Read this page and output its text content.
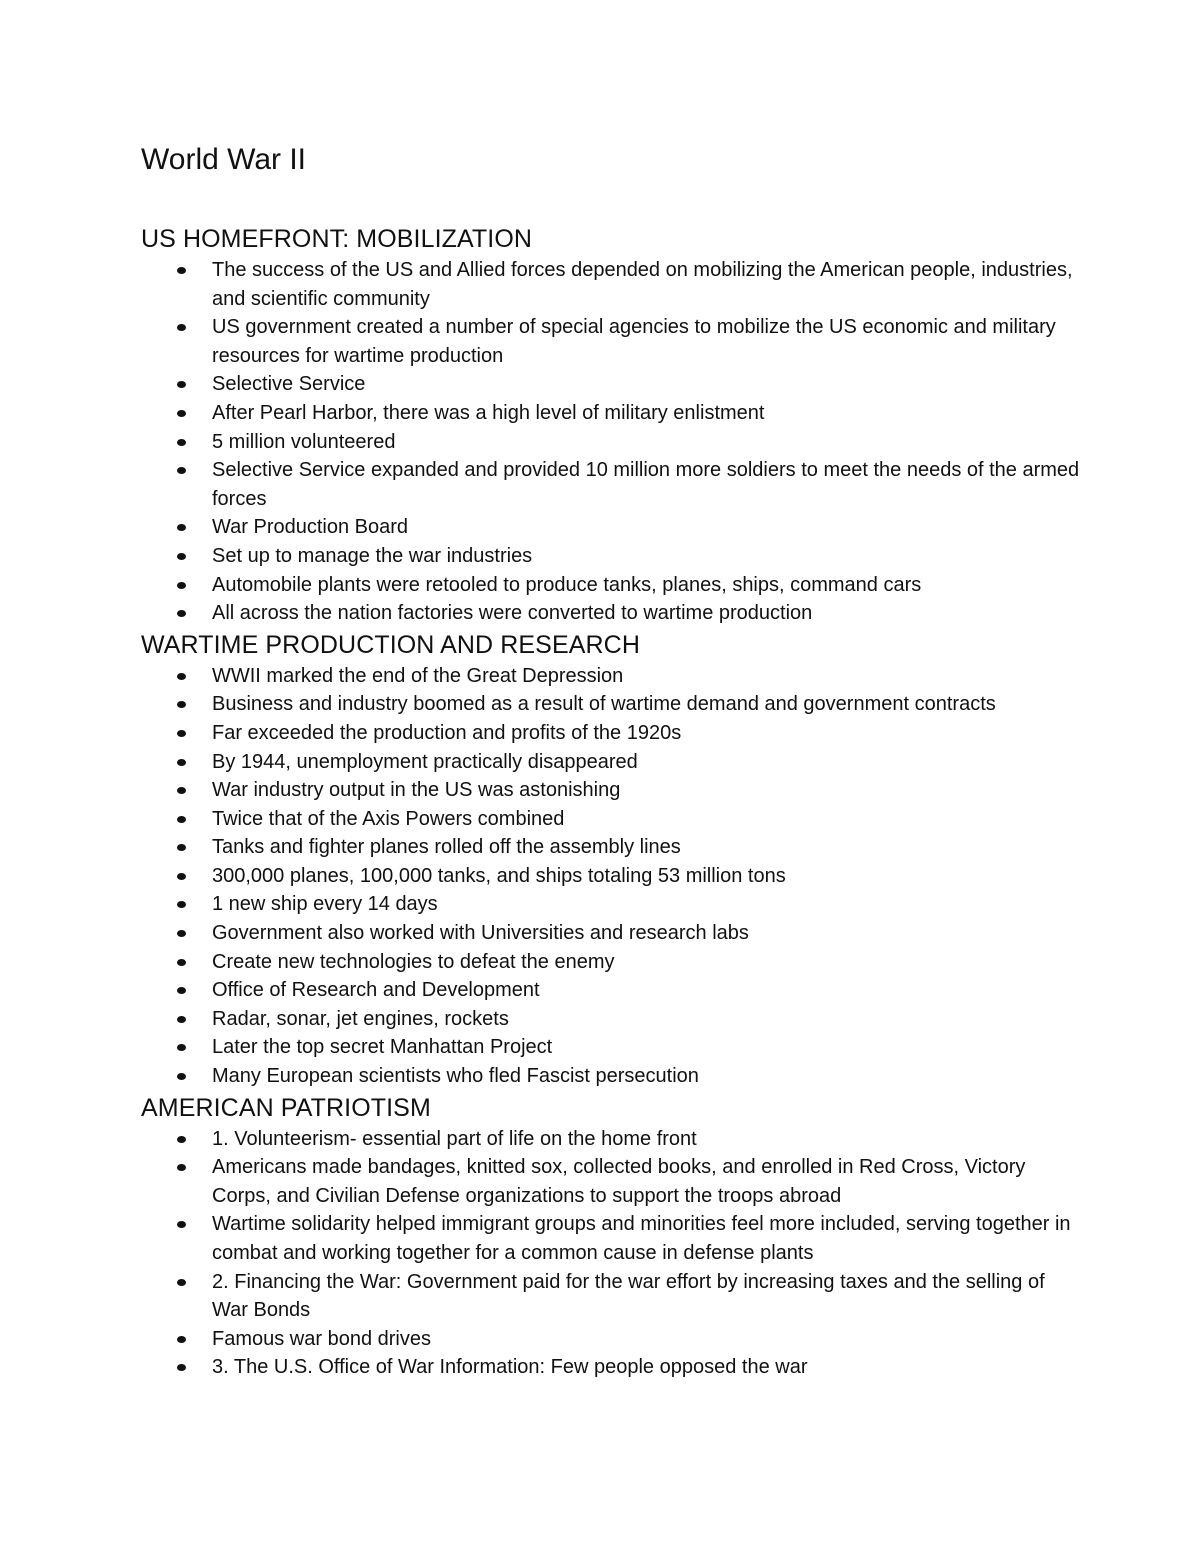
World War II
US HOMEFRONT: MOBILIZATION
The success of the US and Allied forces depended on mobilizing the American people, industries, and scientific community
US government created a number of special agencies to mobilize the US economic and military resources for wartime production
Selective Service
After Pearl Harbor, there was a high level of military enlistment
5 million volunteered
Selective Service expanded and provided 10 million more soldiers to meet the needs of the armed forces
War Production Board
Set up to manage the war industries
Automobile plants were retooled to produce tanks, planes, ships, command cars
All across the nation factories were converted to wartime production
WARTIME PRODUCTION AND RESEARCH
WWII marked the end of the Great Depression
Business and industry boomed as a result of wartime demand and government contracts
Far exceeded the production and profits of the 1920s
By 1944, unemployment practically disappeared
War industry output in the US was astonishing
Twice that of the Axis Powers combined
Tanks and fighter planes rolled off the assembly lines
300,000 planes, 100,000 tanks, and ships totaling 53 million tons
1 new ship every 14 days
Government also worked with Universities and research labs
Create new technologies to defeat the enemy
Office of Research and Development
Radar, sonar, jet engines, rockets
Later the top secret Manhattan Project
Many European scientists who fled Fascist persecution
AMERICAN PATRIOTISM
1. Volunteerism- essential part of life on the home front
Americans made bandages, knitted sox, collected books, and enrolled in Red Cross, Victory Corps, and Civilian Defense organizations to support the troops abroad
Wartime solidarity helped immigrant groups and minorities feel more included, serving together in combat and working together for a common cause in defense plants
2. Financing the War: Government paid for the war effort by increasing taxes and the selling of War Bonds
Famous war bond drives
3. The U.S. Office of War Information: Few people opposed the war
